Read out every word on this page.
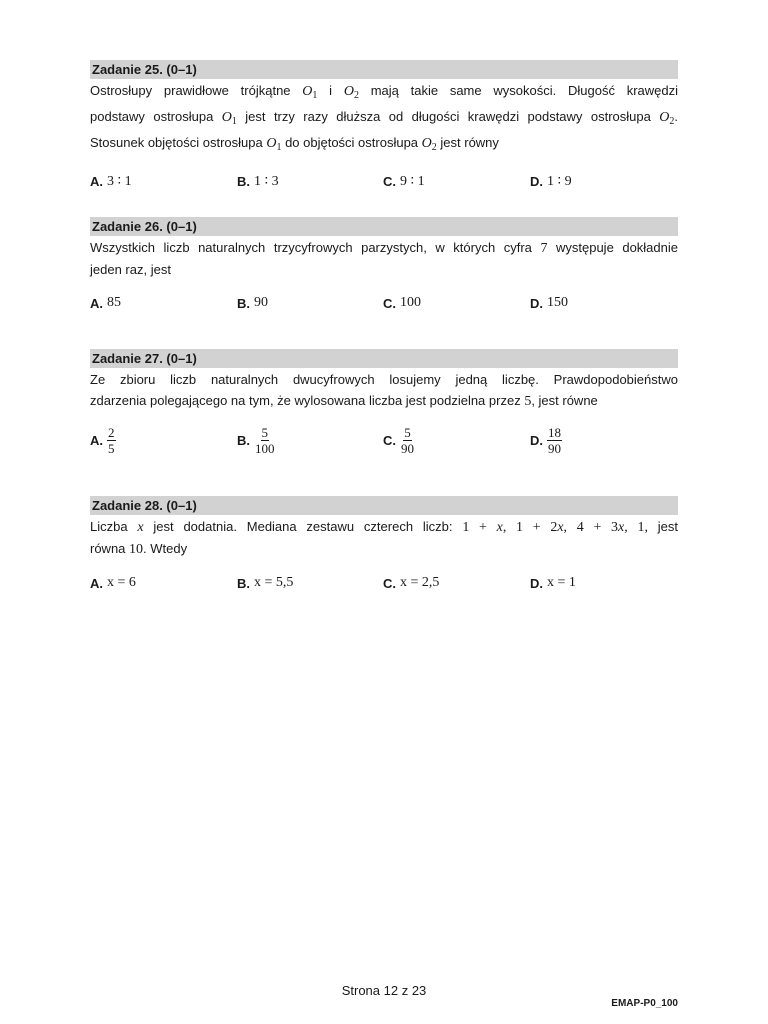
Zadanie 25. (0–1)
Ostrosłupy prawidłowe trójkątne $O_1$ i $O_2$ mają takie same wysokości. Długość krawędzi
podstawy ostrosłupa $O_1$ jest trzy razy dłuższa od długości krawędzi podstawy ostrosłupa $O_2$.
Stosunek objętości ostrosłupa $O_1$ do objętości ostrosłupa $O_2$ jest równy
A. 3 ∶ 1	B. 1 ∶ 3	C. 9 ∶ 1	D. 1 ∶ 9
Zadanie 26. (0–1)
Wszystkich liczb naturalnych trzycyfrowych parzystych, w których cyfra 7 występuje dokładnie
jeden raz, jest
A. 85	B. 90	C. 100	D. 150
Zadanie 27. (0–1)
Ze zbioru liczb naturalnych dwucyfrowych losujemy jedną liczbę. Prawdopodobieństwo
zdarzenia polegającego na tym, że wylosowana liczba jest podzielna przez 5, jest równe
A. $\frac{2}{5}$	B. $\frac{5}{100}$	C. $\frac{5}{90}$	D. $\frac{18}{90}$
Zadanie 28. (0–1)
Liczba x jest dodatnia. Mediana zestawu czterech liczb: 1 + x, 1 + 2x, 4 + 3x, 1, jest
równa 10. Wtedy
A. x = 6	B. x = 5,5	C. x = 2,5	D. x = 1
Strona 12 z 23
EMAP-P0_100
